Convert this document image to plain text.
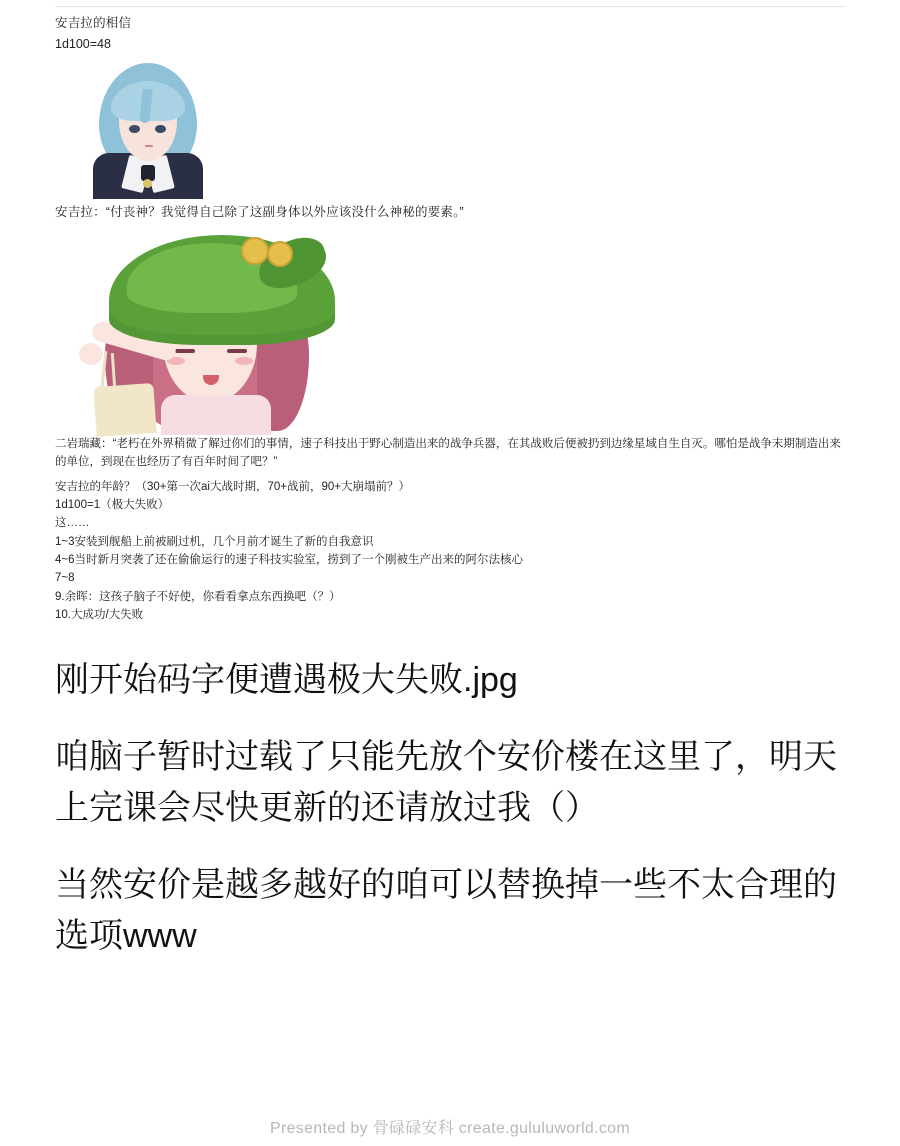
安吉拉的相信
1d100=48
安吉拉：“付丧神？我觉得自己除了这副身体以外应该没什么神秘的要素。”
二岩瑞藏：“老朽在外界稍微了解过你们的事情，速子科技出于野心制造出来的战争兵器，在其战败后便被扔到边缘星域自生自灭。哪怕是战争末期制造出来的单位，到现在也经历了有百年时间了吧？”
安吉拉的年龄？（30+第一次ai大战时期，70+战前，90+大崩塌前？）
1d100=1（极大失败）
这……
1~3安装到舰船上前被刷过机，几个月前才诞生了新的自我意识
4~6当时新月突袭了还在偷偷运行的速子科技实验室，捞到了一个刚被生产出来的阿尔法核心
7~8
9.余晖：这孩子脑子不好使，你看看拿点东西换吧（？）
10.大成功/大失败

刚开始码字便遭遇极大失败.jpg

咱脑子暂时过载了只能先放个安价楼在这里了，明天上完课会尽快更新的还请放过我（）

当然安价是越多越好的咱可以替换掉一些不太合理的选项www

Presented by 骨碌碌安科 create.gululuworld.com
